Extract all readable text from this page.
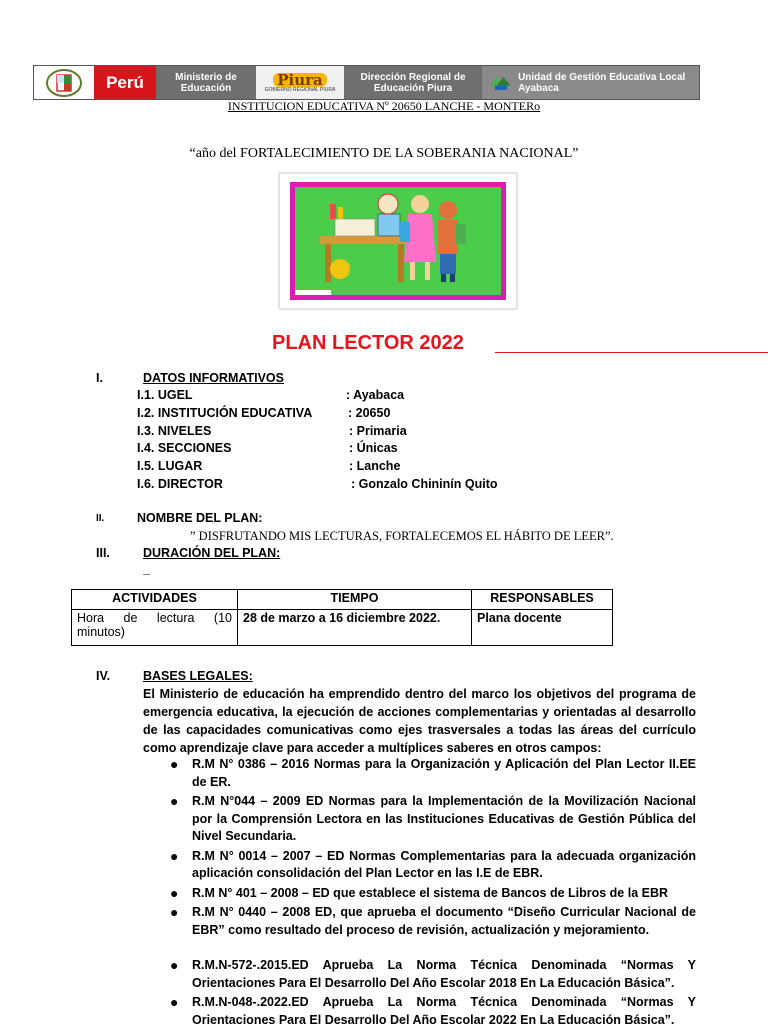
Perú	Ministerio de Educación	Piura
GOBIERNO REGIONAL PIURA
Dirección Regional de Educación Piura
Unidad de Gestión Educativa Local Ayabaca
INSTITUCION EDUCATIVA Nº 20650 LANCHE - MONTERo
“año del FORTALECIMIENTO DE LA SOBERANIA NACIONAL”
PLAN LECTOR 2022
I.	DATOS INFORMATIVOS
I.1. UGEL	: Ayabaca
I.2. INSTITUCIÓN EDUCATIVA	: 20650
I.3. NIVELES	: Primaria
I.4. SECCIONES	: Únicas
I.5. LUGAR	: Lanche
I.6. DIRECTOR	: Gonzalo Chininín Quito
II.	NOMBRE DEL PLAN:
” DISFRUTANDO MIS LECTURAS, FORTALECEMOS EL HÁBITO DE LEER”.
III.	DURACIÓN DEL PLAN:
_
ACTIVIDADES	TIEMPO	RESPONSABLES
Hora de lectura (10 minutos)	28 de marzo a 16 diciembre 2022.	Plana docente
IV.	BASES LEGALES:
El Ministerio de educación ha emprendido dentro del marco los objetivos del programa de emergencia educativa, la ejecución de acciones complementarias y orientadas al desarrollo de las capacidades comunicativas como ejes trasversales a todas las áreas del currículo como aprendizaje clave para acceder a multíplices saberes en otros campos:
● R.M N° 0386 – 2016 Normas para la Organización y Aplicación del Plan Lector II.EE de ER.
● R.M N°044 – 2009 ED Normas para la Implementación de la Movilización Nacional por la Comprensión Lectora en las Instituciones Educativas de Gestión Pública del Nivel Secundaria.
● R.M N° 0014 – 2007 – ED Normas Complementarias para la adecuada organización aplicación consolidación del Plan Lector en las I.E de EBR.
● R.M N° 401 – 2008 – ED que establece el sistema de Bancos de Libros de la EBR
● R.M N° 0440 – 2008 ED, que aprueba el documento “Diseño Curricular Nacional de EBR” como resultado del proceso de revisión, actualización y mejoramiento.
● R.M.N-572-.2015.ED Aprueba La Norma Técnica Denominada “Normas Y Orientaciones Para El Desarrollo Del Año Escolar 2018 En La Educación Básica”.
● R.M.N-048-.2022.ED Aprueba La Norma Técnica Denominada “Normas Y Orientaciones Para El Desarrollo Del Año Escolar 2022 En La Educación Básica”.
